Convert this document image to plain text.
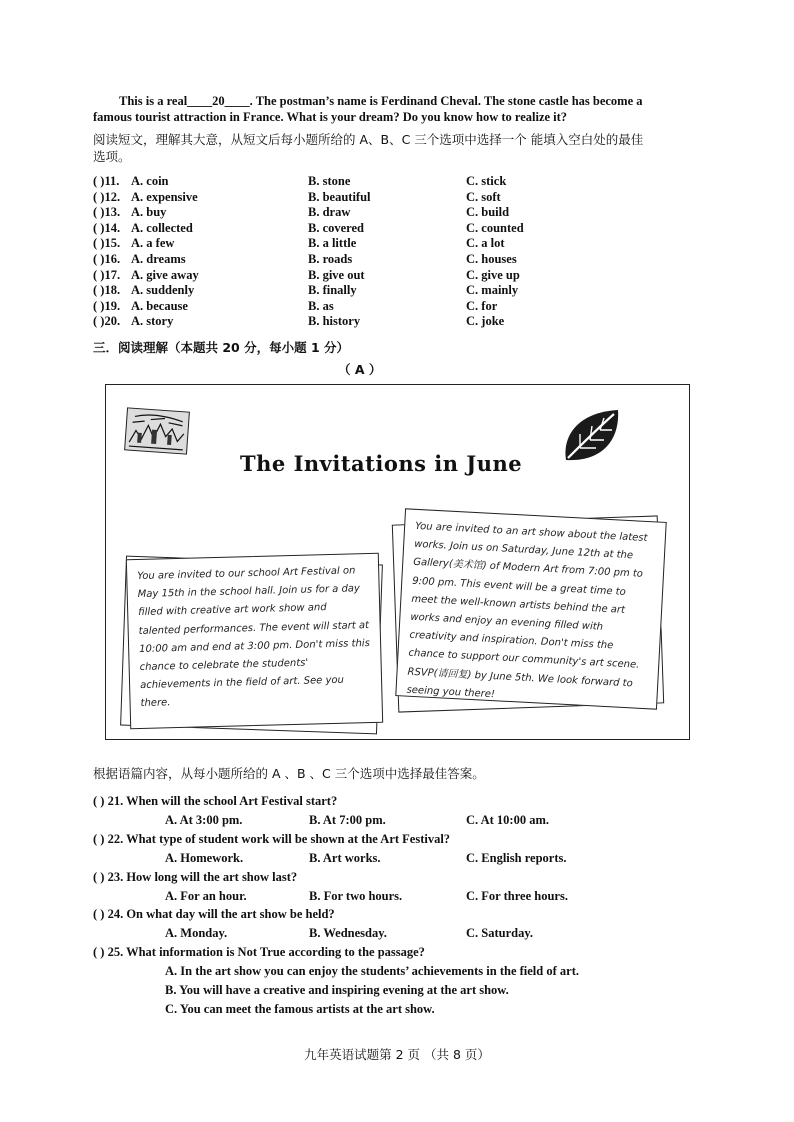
This is a real____20____. The postman’s name is Ferdinand Cheval. The stone castle has become a
famous tourist attraction in France. What is your dream? Do you know how to realize it?
阅读短文，理解其大意，从短文后每小题所给的 A、B、C 三个选项中选择一个 能填入空白处的最佳
选项。
( )11. A. coin	B. stone	C. stick
( )12. A. expensive	B. beautiful	C. soft
( )13. A. buy	B. draw	C. build
( )14. A. collected	B. covered	C. counted
( )15. A. a few	B. a little	C. a lot
( )16. A. dreams	B. roads	C. houses
( )17. A. give away	B. give out	C. give up
( )18. A. suddenly	B. finally	C. mainly
( )19. A. because	B. as	C. for
( )20. A. story	B. history	C. joke
三．阅读理解（本题共 20 分，每小题 1 分）
（ A ）
The Invitations in June
You are invited to our school Art Festival on May 15th in the school hall. Join us for a day filled with creative art work show and talented performances. The event will start at 10:00 am and end at 3:00 pm. Don't miss this chance to celebrate the students' achievements in the field of art. See you there.
You are invited to an art show about the latest works. Join us on Saturday, June 12th at the Gallery(美术馆) of Modern Art from 7:00 pm to 9:00 pm. This event will be a great time to meet the well-known artists behind the art works and enjoy an evening filled with creativity and inspiration. Don't miss the chance to support our community's art scene. RSVP(请回复) by June 5th. We look forward to seeing you there!
根据语篇内容，从每小题所给的 A 、B 、C 三个选项中选择最佳答案。
( ) 21. When will the school Art Festival start?
A. At 3:00 pm.	B. At 7:00 pm.	C. At 10:00 am.
( ) 22. What type of student work will be shown at the Art Festival?
A. Homework.	B. Art works.	C. English reports.
( ) 23. How long will the art show last?
A. For an hour.	B. For two hours.	C. For three hours.
( ) 24. On what day will the art show be held?
A. Monday.	B. Wednesday.	C. Saturday.
( ) 25. What information is Not True according to the passage?
A. In the art show you can enjoy the students’ achievements in the field of art.
B. You will have a creative and inspiring evening at the art show.
C. You can meet the famous artists at the art show.
九年英语试题第 2 页 （共 8 页）
